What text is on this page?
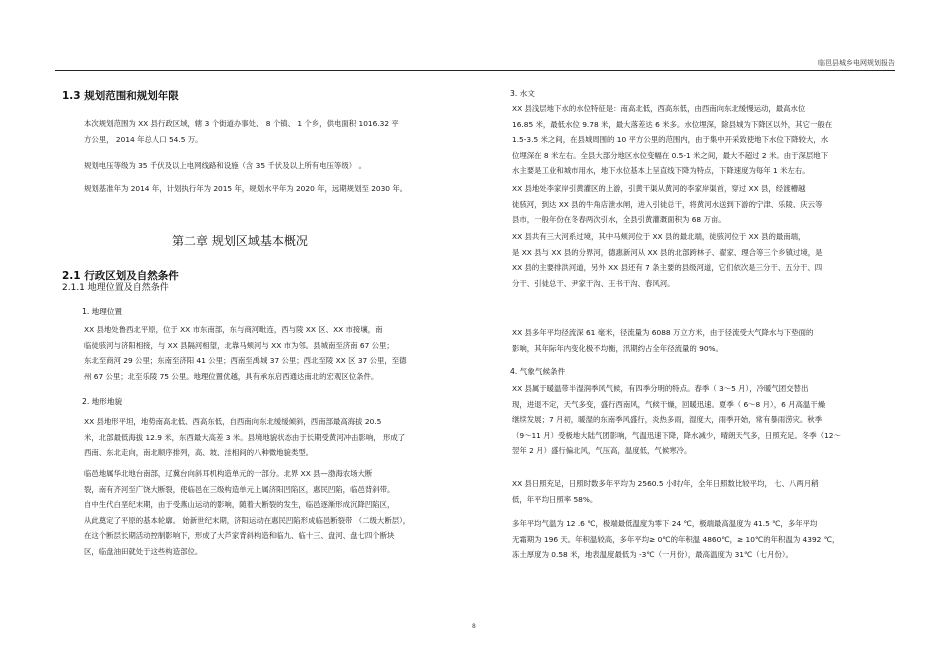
临邑县城乡电网规划报告
1.3 规划范围和规划年限
本次规划范围为 XX 县行政区域，辖 3 个街道办事处、 8 个镇、 1 个乡，供电面积 1016.32 平
方公里， 2014 年总人口 54.5 万。
规划电压等级为 35 千伏及以上电网线路和设施（含 35 千伏及以上所有电压等级） 。
规划基准年为 2014 年，计划执行年为 2015 年，规划水平年为 2020 年，远期规划至 2030 年。
第二章 规划区域基本概况
2.1 行政区划及自然条件
2.1.1 地理位置及自然条件
1. 地理位置
XX 县地处鲁西北平原，位于 XX 市东南部，东与商河毗连，西与陵 XX 区、XX 市接壤，南
临徒骇河与济阳相接，与 XX 县隔河相望，北靠马颊河与 XX 市为邻。县城南至济南 67 公里；
东北至商河 29 公里；东南至济阳 41 公里；西南至禹城 37 公里；西北至陵 XX 区 37 公里，至德
州 67 公里；北至乐陵 75 公里。地理位置优越，具有承东启西通达南北的宏观区位条件。
2. 地形地貌
XX 县地形平坦，地势南高北低、西高东低，自西南向东北缓缓倾斜，西南部最高海拔 20.5
米，北部最低海拔 12.9 米，东西最大高差 3 米。县境地貌状态由于长期受黄河冲击影响， 形成了
西南、东北走向，南北顺序排列，高、坡、洼相间的八种微地貌类型。
临邑地属华北地台南部，辽冀台向斜耳机构造单元的一部分。北界 XX 县—渤海农场大断
裂，南有齐河至广饶大断裂，使临邑在三级构造单元上属济阳凹陷区，惠民凹陷，临邑背斜带。
自中生代白垩纪末期，由于受燕山运动的影响，随着大断裂的发生，临邑逐渐形成沉降凹陷区，
从此奠定了平原的基本轮廓。 始新世纪末期，济阳运动在惠民凹陷形成临邑断裂带 （二级大断层），
在这个断层长期活动控制影响下，形成了大芦家背斜构造和临九、临十三、盘河、盘七四个断块
区，临盘油田就处于这些构造部位。
3. 水文
XX 县浅层地下水的水位特征是：南高北低，西高东低，由西南向东北缓慢运动，最高水位
16.85 米，最低水位 9.78 米，最大落差达 6 米多。水位埋深，除县城为下降区以外，其它一般在
1.5-3.5 米之间，在县城周围的 10 平方公里的范围内，由于集中开采致使地下水位下降较大，水
位埋深在 8 米左右。全县大部分地区水位变幅在 0.5-1 米之间，最大不超过 2 米。由于深层地下
水主要是工业和城市用水，地下水位基本上呈直线下降为特点，下降速度为每年 1 米左右。
XX 县地处李家岸引黄灌区的上游，引黄干渠从黄河的李家岸渠首，穿过 XX 县，经渡槽越
徒骇河，到达 XX 县的牛角店泄水闸，进入引徒总干，将黄河水送到下游的宁津、乐陵、庆云等
县市，一般年份在冬春两次引水，全县引黄灌溉面积为 68 万亩。
XX 县共有三大河系过境，其中马颊河位于 XX 县的最北端，徒骇河位于 XX 县的最南端，
是 XX 县与 XX 县的分界河，德惠新河从 XX 县的北部跨林子、翟家、理合等三个乡镇过境，是
XX 县的主要排洪河道，另外 XX 县还有 7 条主要的县级河道，它们依次是三分干、五分干、四
分干、引徒总干、尹家干沟、王书干沟、春风河。
XX 县多年平均径流深 61 毫米，径流量为 6088 万立方米，由于径流受大气降水与下垫面的
影响，其年际年内变化极不均衡，汛期约占全年径流量的 90%。
4. 气象气候条件
XX 县属于暖温带半湿润季风气候，有四季分明的特点。春季（ 3～5 月），冷暖气团交替出
现，进退不定，天气多变，盛行西南风，气候干燥，回暖迅速。夏季（ 6～8 月），6 月高温干燥
继续发展；7 月初，暖湿的东南季风盛行，炎热多雨，湿度大，雨季开始，常有暴雨涝灾。秋季
（9～11 月）受极地大陆气团影响，气温迅速下降，降水减少，晴朗天气多，日照充足。冬季（12～
翌年 2 月）盛行偏北风，气压高，温度低，气候寒冷。
XX 县日照充足，日照时数多年平均为 2560.5 小时/年，全年日照数比较平均， 七、八两月稍
低，年平均日照率 58%。
多年平均气温为 12 .6 ℃，极端最低温度为零下 24 ℃，极端最高温度为 41.5 ℃，多年平均
无霜期为 196 天。年积温较高，多年平均≥ 0℃的年积温 4860℃，≥ 10℃的年积温为 4392 ℃，
冻土厚度为 0.58 米，地表温度最低为 -3℃（一月份），最高温度为 31℃（七月份）。
8
